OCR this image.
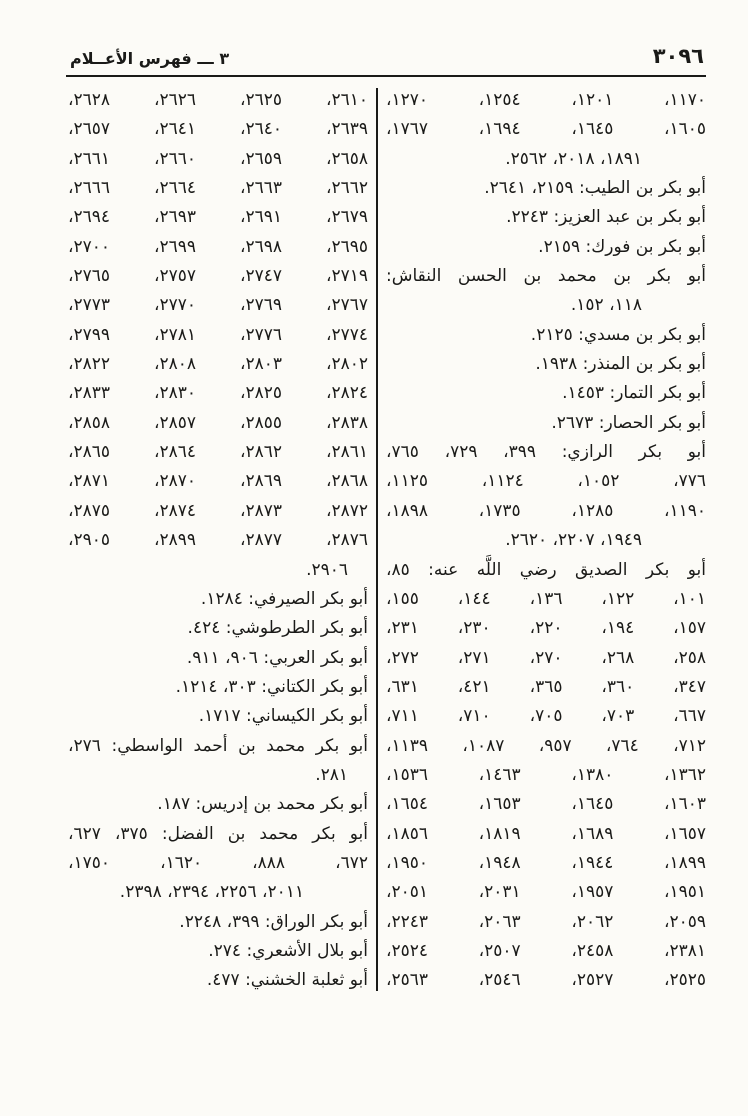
٣٠٩٦
٣ ـــ فهرس الأعــلام
١١٧٠، ١٢٠١، ١٢٥٤، ١٢٧٠،
١٦٠٥، ١٦٤٥، ١٦٩٤، ١٧٦٧،
١٨٩١، ٢٠١٨، ٢٥٦٢.
أبو بكر بن الطيب: ٢١٥٩، ٢٦٤١.
أبو بكر بن عبد العزيز: ٢٢٤٣.
أبو بكر بن فورك: ٢١٥٩.
أبو بكر بن محمد بن الحسن النقاش:
١١٨، ١٥٢.
أبو بكر بن مسدي: ٢١٢٥.
أبو بكر بن المنذر: ١٩٣٨.
أبو بكر التمار: ١٤٥٣.
أبو بكر الحصار: ٢٦٧٣.
أبو بكر الرازي: ٣٩٩، ٧٢٩، ٧٦٥،
٧٧٦، ١٠٥٢، ١١٢٤، ١١٢٥،
١١٩٠، ١٢٨٥، ١٧٣٥، ١٨٩٨،
١٩٤٩، ٢٢٠٧، ٢٦٢٠.
أبو بكر الصديق رضي اللَّه عنه: ٨٥،
١٠١، ١٢٢، ١٣٦، ١٤٤، ١٥٥،
١٥٧، ١٩٤، ٢٢٠، ٢٣٠، ٢٣١،
٢٥٨، ٢٦٨، ٢٧٠، ٢٧١، ٢٧٢،
٣٤٧، ٣٦٠، ٣٦٥، ٤٢١، ٦٣١،
٦٦٧، ٧٠٣، ٧٠٥، ٧١٠، ٧١١،
٧١٢، ٧٦٤، ٩٥٧، ١٠٨٧، ١١٣٩،
١٣٦٢، ١٣٨٠، ١٤٦٣، ١٥٣٦،
١٦٠٣، ١٦٤٥، ١٦٥٣، ١٦٥٤،
١٦٥٧، ١٦٨٩، ١٨١٩، ١٨٥٦،
١٨٩٩، ١٩٤٤، ١٩٤٨، ١٩٥٠،
١٩٥١، ١٩٥٧، ٢٠٣١، ٢٠٥١،
٢٠٥٩، ٢٠٦٢، ٢٠٦٣، ٢٢٤٣،
٢٣٨١، ٢٤٥٨، ٢٥٠٧، ٢٥٢٤،
٢٥٢٥، ٢٥٢٧، ٢٥٤٦، ٢٥٦٣،
٢٦١٠، ٢٦٢٥، ٢٦٢٦، ٢٦٢٨،
٢٦٣٩، ٢٦٤٠، ٢٦٤١، ٢٦٥٧،
٢٦٥٨، ٢٦٥٩، ٢٦٦٠، ٢٦٦١،
٢٦٦٢، ٢٦٦٣، ٢٦٦٤، ٢٦٦٦،
٢٦٧٩، ٢٦٩١، ٢٦٩٣، ٢٦٩٤،
٢٦٩٥، ٢٦٩٨، ٢٦٩٩، ٢٧٠٠،
٢٧١٩، ٢٧٤٧، ٢٧٥٧، ٢٧٦٥،
٢٧٦٧، ٢٧٦٩، ٢٧٧٠، ٢٧٧٣،
٢٧٧٤، ٢٧٧٦، ٢٧٨١، ٢٧٩٩،
٢٨٠٢، ٢٨٠٣، ٢٨٠٨، ٢٨٢٢،
٢٨٢٤، ٢٨٢٥، ٢٨٣٠، ٢٨٣٣،
٢٨٣٨، ٢٨٥٥، ٢٨٥٧، ٢٨٥٨،
٢٨٦١، ٢٨٦٢، ٢٨٦٤، ٢٨٦٥،
٢٨٦٨، ٢٨٦٩، ٢٨٧٠، ٢٨٧١،
٢٨٧٢، ٢٨٧٣، ٢٨٧٤، ٢٨٧٥،
٢٨٧٦، ٢٨٧٧، ٢٨٩٩، ٢٩٠٥،
٢٩٠٦.
أبو بكر الصيرفي: ١٢٨٤.
أبو بكر الطرطوشي: ٤٢٤.
أبو بكر العربي: ٩٠٦، ٩١١.
أبو بكر الكتاني: ٣٠٣، ١٢١٤.
أبو بكر الكيساني: ١٧١٧.
أبو بكر محمد بن أحمد الواسطي: ٢٧٦،
٢٨١.
أبو بكر محمد بن إدريس: ١٨٧.
أبو بكر محمد بن الفضل: ٣٧٥، ٦٢٧،
٦٧٢، ٨٨٨، ١٦٢٠، ١٧٥٠،
٢٠١١، ٢٢٥٦، ٢٣٩٤، ٢٣٩٨.
أبو بكر الوراق: ٣٩٩، ٢٢٤٨.
أبو بلال الأشعري: ٢٧٤.
أبو ثعلبة الخشني: ٤٧٧.
